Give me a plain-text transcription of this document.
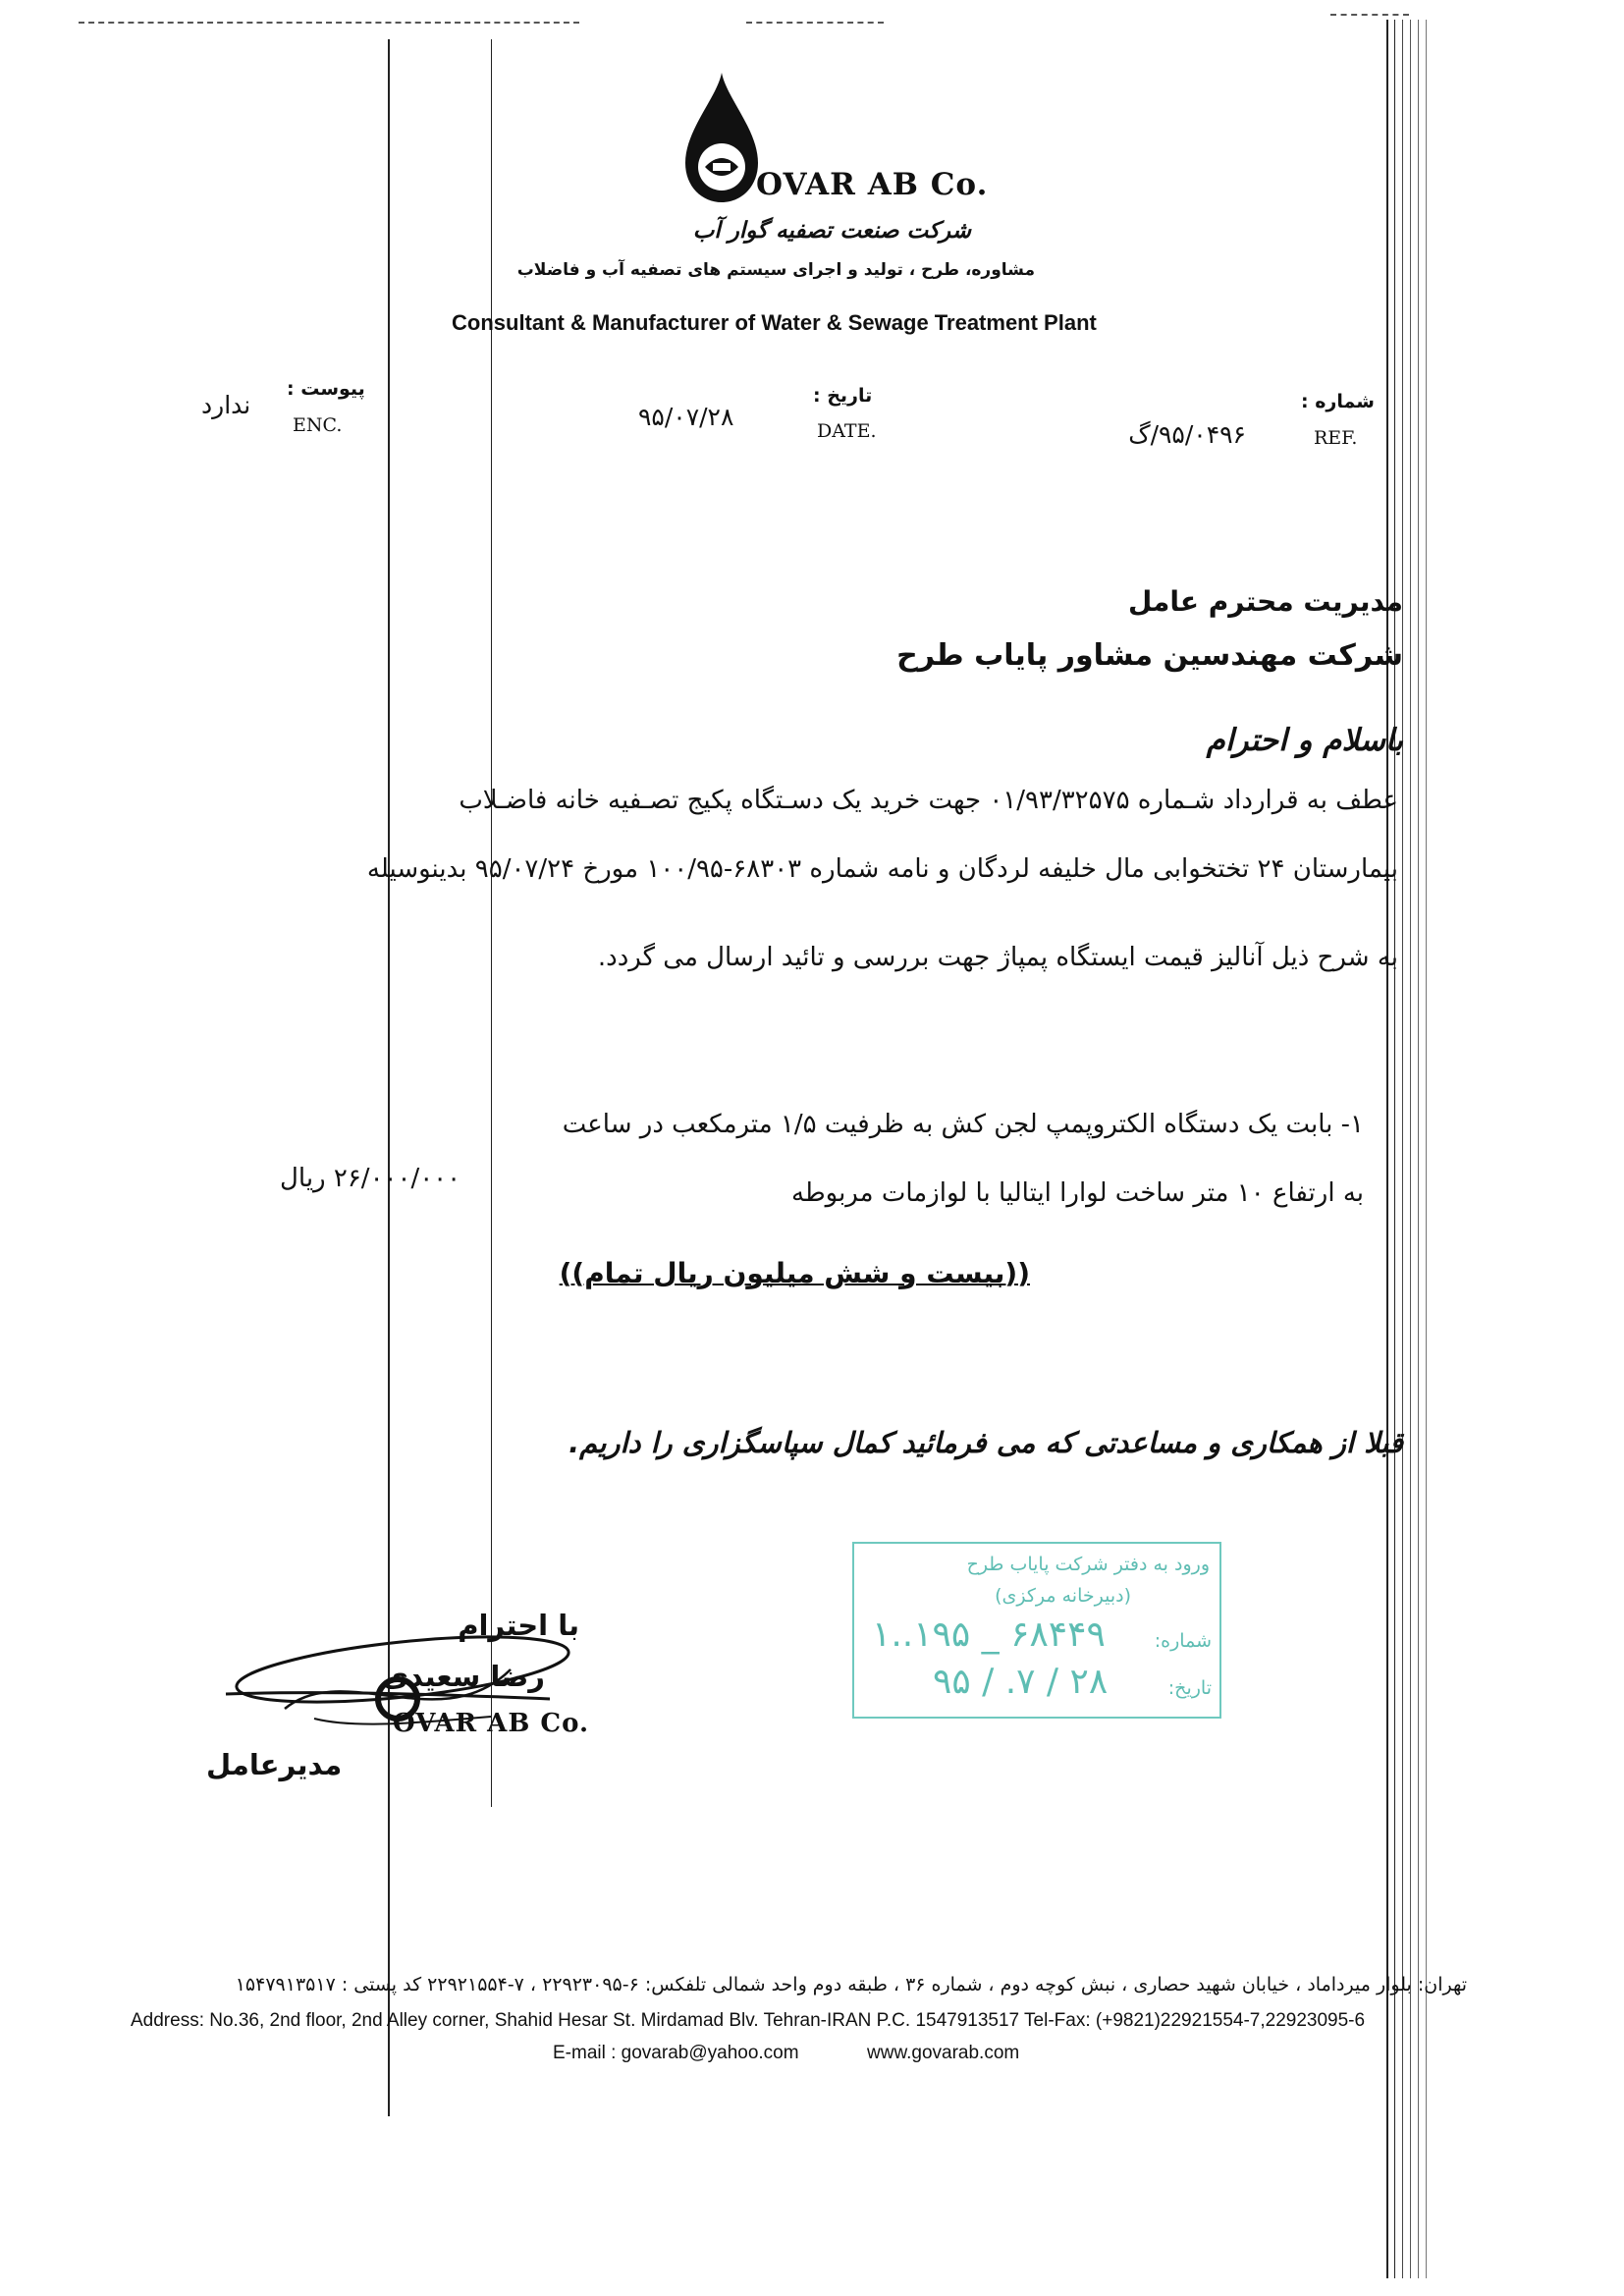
OVAR AB Co.
شرکت صنعت تصفیه گوار آب
مشاوره، طرح ، تولید و اجرای سیستم های تصفیه آب و فاضلاب
Consultant & Manufacturer of Water & Sewage Treatment Plant
پیوست :
ENC.
ندارد
DATE.
تاریخ :
۹۵/۰۷/۲۸
شماره :
REF.
۹۵/۰۴۹۶/گ
مدیریت محترم عامل
شرکت مهندسین مشاور پایاب طرح
باسلام و احترام
عطف به قرارداد شـماره ۰۱/۹۳/۳۲۵۷۵ جهت خرید یک دسـتگاه پکیج تصـفیه خانه فاضـلاب
بیمارستان ۲۴ تختخوابی مال خلیفه لردگان و نامه شماره ۶۸۳۰۳-۱۰۰/۹۵ مورخ ۹۵/۰۷/۲۴ بدینوسیله
به شرح ذیل آنالیز قیمت ایستگاه پمپاژ جهت بررسی و تائید ارسال می گردد.
۱- بابت یک دستگاه الکتروپمپ لجن کش به ظرفیت ۱/۵ مترمکعب در ساعت
به ارتفاع ۱۰ متر ساخت لوارا ایتالیا با لوازمات مربوطه
۲۶/۰۰۰/۰۰۰ ریال
((بیست و شش میلیون ریال تمام))
قبلا از همکاری و مساعدتی که می فرمائید کمال سپاسگزاری را داریم.
ورود به دفتر شرکت پایاب طرح
(دبیرخانه مرکزی)
شماره:
۱..۱۹۵ _ ۶۸۴۴۹
تاریخ:
۹۵ / .۷ / ۲۸
با احترام
رضا سعیدی
OVAR AB Co.
مدیرعامل
تهران: بلوار میرداماد ، خیابان شهید حصاری ، نبش کوچه دوم ، شماره ۳۶ ، طبقه دوم واحد شمالی تلفکس: ۶-۲۲۹۲۳۰۹۵ ، ۷-۲۲۹۲۱۵۵۴ کد پستی : ۱۵۴۷۹۱۳۵۱۷
Address: No.36, 2nd floor, 2nd Alley corner, Shahid Hesar St. Mirdamad Blv. Tehran-IRAN P.C. 1547913517 Tel-Fax: (+9821)22921554-7,22923095-6
E-mail : govarab@yahoo.com	www.govarab.com
